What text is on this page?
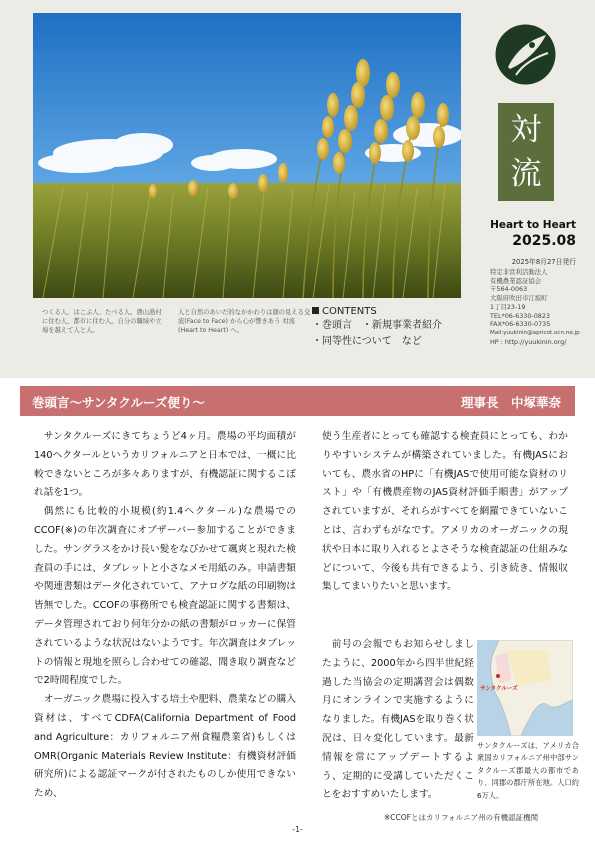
つくる人、はこぶ人、たべる人。農山漁村に住む人、都市に住む人。自分の職域や立場を越えて人と人。
人と自然のあいだ的なかかわりは顔の見える交流(Face to Face) から心が響きあう 対流 (Heart to Heart) へ。
CONTENTS
・巻頭言　・新規事業者紹介
・同等性について　など
対
流
Heart to Heart
2025.08
2025年8月27日発行
特定非営利活動法人
有機農業認証協会
〒564-0063
大阪府吹田市江坂町
1丁目23-19
TEL*06-6330-0823
FAX*06-6330-0735
Mail:yuukinin@apricot.ocn.ne.jp
HP : http://yuukinin.org/
巻頭言〜サンタクルーズ便り〜	理事長　中塚華奈

サンタクルーズにきてちょうど4ヶ月。農場の平均面積が140ヘクタールというカリフォルニアと日本では、一概に比較できないところが多々ありますが、有機認証に関するこぼれ話を1つ。

偶然にも比較的小規模(約1.4ヘクタール)な農場でのCCOF(※)の年次調査にオブザーバー参加することができました。サングラスをかけ長い髪をなびかせて颯爽と現れた検査員の手には、タブレットと小さなメモ用紙のみ。申請書類や関連書類はデータ化されていて、アナログな紙の印刷物は皆無でした。CCOFの事務所でも検査認証に関する書類は、データ管理されており何年分かの紙の書類がロッカーに保管されているような状況はないようです。年次調査はタブレットの情報と現地を照らし合わせての確認、聞き取り調査などで2時間程度でした。

オーガニック農場に投入する培土や肥料、農業などの購入資材は、すべてCDFA(California Department of Food and Agriculture：カリフォルニア州食糧農業省)もしくはOMR(Organic Materials Review Institute：有機資材評価研究所)による認証マークが付されたものしか使用できないため、

使う生産者にとっても確認する検査員にとっても、わかりやすいシステムが構築されていました。有機JASにおいても、農水省のHPに「有機JASで使用可能な資材のリスト」や「有機農産物のJAS資材評価手順書」がアップされていますが、それらがすべてを網羅できていないことは、言わずもがなです。アメリカのオーガニックの現状や日本に取り入れるとよさそうな検査認証の仕組みなどについて、今後も共有できるよう、引き続き、情報収集してまいりたいと思います。

前号の会報でもお知らせしましたように、2000年から四半世紀経過した当協会の定期講習会は偶数月にオンラインで実施するようになりました。有機JASを取り巻く状況は、日々変化しています。最新情報を常にアップデートするよう、定期的に受講していただくことをおすすめいたします。

サンタクルーズ
サンタクルーズは、アメリカ合衆国カリフォルニア州中部サンタクルーズ郡最大の都市であり、同郡の郡庁所在地。人口約6万人。
※CCOFとはカリフォルニア州の有機認証機関
-1-
